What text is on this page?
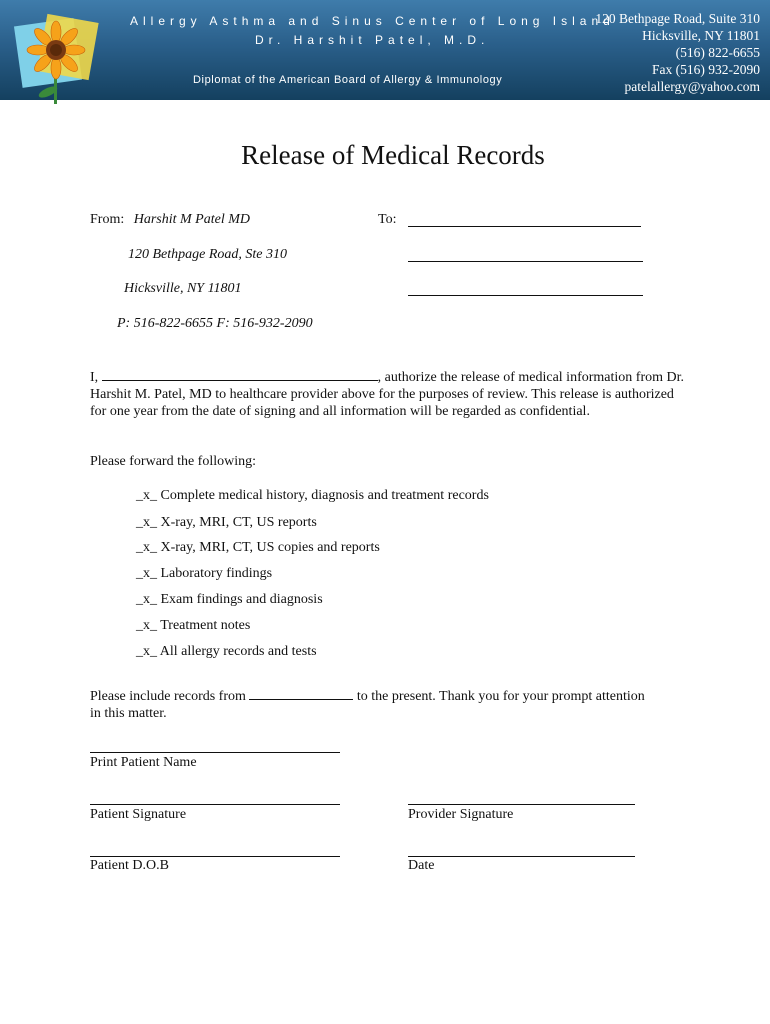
Allergy Asthma and Sinus Center of Long Island
Dr. Harshit Patel, M.D.
Diplomat of the American Board of Allergy & Immunology
120 Bethpage Road, Suite 310
Hicksville, NY 11801
(516) 822-6655
Fax (516) 932-2090
patelallergy@yahoo.com
Release of Medical Records
From: Harshit M Patel MD
120 Bethpage Road, Ste 310
Hicksville, NY 11801
P: 516-822-6655 F: 516-932-2090
To:
I,	, authorize the release of medical information from Dr. Harshit M. Patel, MD to healthcare provider above for the purposes of review. This release is authorized for one year from the date of signing and all information will be regarded as confidential.
Please forward the following:
_x_ Complete medical history, diagnosis and treatment records
_x_ X-ray, MRI, CT, US reports
_x_ X-ray, MRI, CT, US copies and reports
_x_ Laboratory findings
_x_ Exam findings and diagnosis
_x_ Treatment notes
_x_ All allergy records and tests
Please include records from	to the present. Thank you for your prompt attention in this matter.
Print Patient Name
Patient Signature	Provider Signature
Patient D.O.B	Date
